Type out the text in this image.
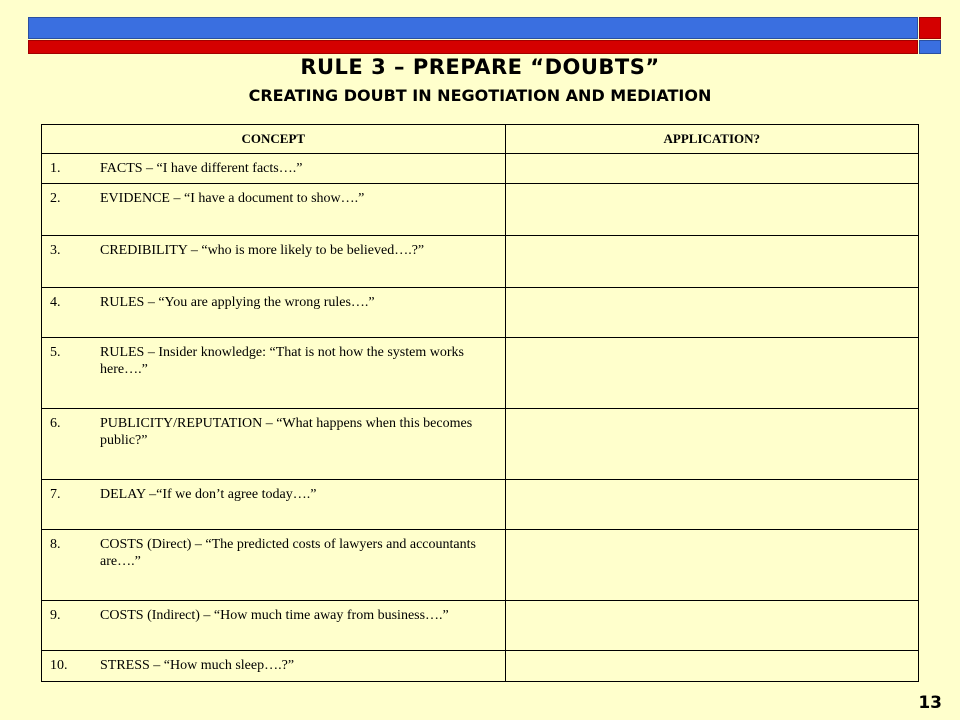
RULE 3 – PREPARE “DOUBTS”
CREATING DOUBT IN NEGOTIATION AND MEDIATION
CONCEPT	APPLICATION?

1. FACTS – “I have different facts….”	

2. EVIDENCE – “I have a document to show….”	

3. CREDIBILITY – “who is more likely to be believed….?”	

4. RULES – “You are applying the wrong rules….”	

5. RULES – Insider knowledge: “That is not how the system works here….”	

6. PUBLICITY/REPUTATION – “What happens when this becomes public?”	

7. DELAY –“If we don’t agree today….”	

8. COSTS (Direct) – “The predicted costs of lawyers and accountants are….”	

9. COSTS (Indirect) – “How much time away from business….”	

10. STRESS – “How much sleep….?”	

13
